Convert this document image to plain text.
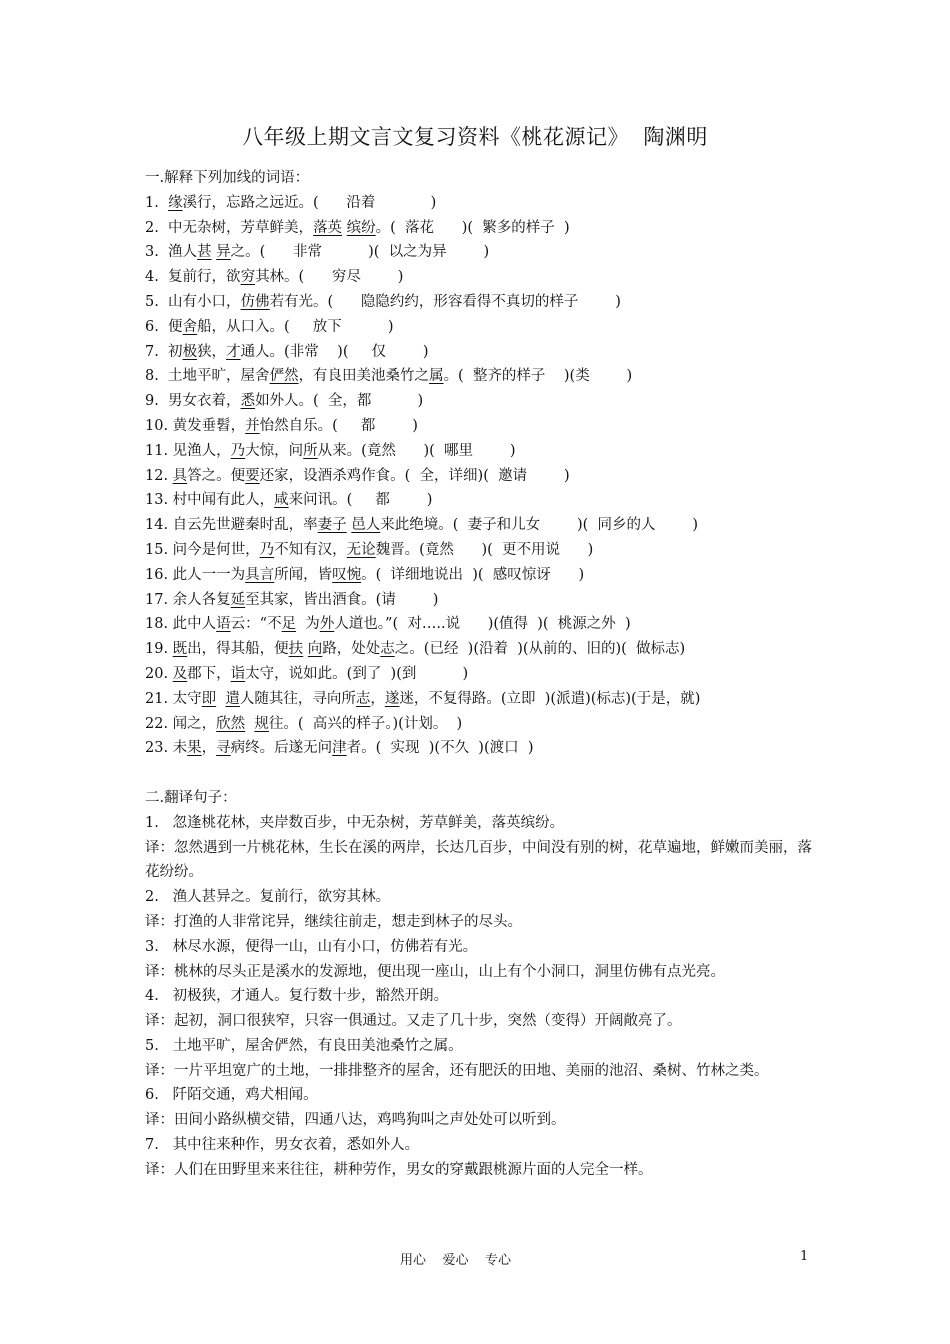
八年级上期文言文复习资料《桃花源记》  陶渊明
一.解释下列加线的词语：
1.  缘溪行，忘路之远近。(      沿着            )
2.  中无杂树，芳草鲜美，落英 缤纷。(  落花      )(  繁多的样子  )
3.  渔人甚 异之。(      非常          )(  以之为异        )
4.  复前行，欲穷其林。(      穷尽        )
5.  山有小口，仿佛若有光。(      隐隐约约，形容看得不真切的样子        )
6.  便舍船，从口入。(     放下          )
7.  初极狭，才通人。(非常    )(     仅        )
8.  土地平旷，屋舍俨然，有良田美池桑竹之属。(  整齐的样子    )(类        )
9.  男女衣着，悉如外人。(  全，都          )
10. 黄发垂髫，并怡然自乐。(     都        )
11. 见渔人，乃大惊，问所从来。(竟然      )(  哪里        )
12. 具答之。便要还家，设酒杀鸡作食。(  全，详细)(  邀请        )
13. 村中闻有此人，咸来问讯。(     都        )
14. 自云先世避秦时乱，率妻子 邑人来此绝境。(  妻子和儿女        )(  同乡的人        )
15. 问今是何世，乃不知有汉，无论魏晋。(竟然      )(  更不用说      )
16. 此人一一为具言所闻，皆叹惋。(  详细地说出  )(  感叹惊讶      )
17. 余人各复延至其家，皆出酒食。(请        )
18. 此中人语云：“不足  为外人道也。”(  对…..说      )(值得  )(  桃源之外  )
19. 既出，得其船，便扶 向路，处处志之。(已经  )(沿着  )(从前的、旧的)(  做标志)
20. 及郡下，诣太守，说如此。(到了  )(到          )
21. 太守即 遣人随其往，寻向所志，遂迷，不复得路。(立即  )(派遣)(标志)(于是，就)
22. 闻之，欣然 规往。(  高兴的样子。)(计划。  )
23. 未果，寻病终。后遂无问津者。(  实现  )(不久  )(渡口  )
二.翻译句子：
1.   忽逢桃花林，夹岸数百步，中无杂树，芳草鲜美，落英缤纷。
译：忽然遇到一片桃花林，生长在溪的两岸，长达几百步，中间没有别的树，花草遍地，鲜嫩而美丽，落花纷纷。
2.   渔人甚异之。复前行，欲穷其林。
译：打渔的人非常诧异，继续往前走，想走到林子的尽头。
3.   林尽水源，便得一山，山有小口，仿佛若有光。
译：桃林的尽头正是溪水的发源地，便出现一座山，山上有个小洞口，洞里仿佛有点光亮。
4.   初极狭，才通人。复行数十步，豁然开朗。
译：起初，洞口很狭窄，只容一俱通过。又走了几十步，突然（变得）开阔敞亮了。
5.   土地平旷，屋舍俨然，有良田美池桑竹之属。
译：一片平坦宽广的土地，一排排整齐的屋舍，还有肥沃的田地、美丽的池沼、桑树、竹林之类。
6.   阡陌交通，鸡犬相闻。
译：田间小路纵横交错，四通八达，鸡鸣狗叫之声处处可以听到。
7.   其中往来种作，男女衣着，悉如外人。
译：人们在田野里来来往往，耕种劳作，男女的穿戴跟桃源片面的人完全一样。
用心    爱心    专心	1
